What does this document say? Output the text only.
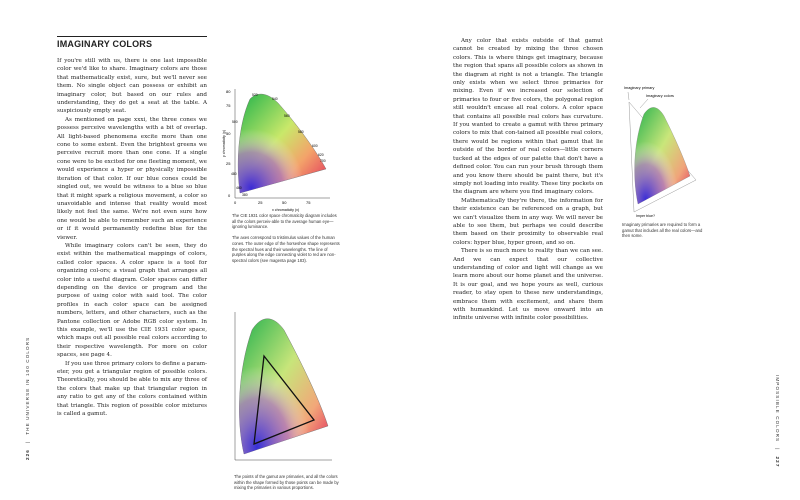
IMAGINARY COLORS

If you're still with us, there is one last impossible color we'd like to share. Imaginary colors are those that mathematically exist, sure, but we'll never see them. No single object can possess or exhibit an imaginary color, but based on our rules and understanding, they do get a seat at the table. A suspiciously empty seat.

As mentioned on page xxxi, the three cones we possess perceive wavelengths with a bit of overlap. All light-based phenomena excite more than one cone to some extent. Even the brightest greens we perceive recruit more than one cone. If a single cone were to be excited for one fleeting moment, we would experience a hyper or physically impossible iteration of that color. If our blue cones could be singled out, we would be witness to a blue so blue that it might spark a religious movement, a color so unavoidable and intense that reality would most likely not feel the same. We're not even sure how one would be able to remember such an experience or if it would permanently redefine blue for the viewer.

While imaginary colors can't be seen, they do exist within the mathematical mappings of colors, called color spaces. A color space is a tool for organizing col-ors; a visual graph that arranges all color into a useful diagram. Color spaces can differ depending on the device or program and the purpose of using color with said tool. The color profiles in each color space can be assigned numbers, letters, and other characters, such as the Pantone collection or Adobe RGB color system. In this example, we'll use the CIE 1931 color space, which maps out all possible real colors according to their respective wavelength. For more on color spaces, see page 4.

If you use three primary colors to define a param-eter, you get a triangular region of possible colors. Theoretically, you should be able to mix any three of the colors that make up that triangular region in any ratio to get any of the colors contained within that triangle. This region of possible color mixtures is called a gamut.

80
75
50
25
0
0	25	50	75
x chromaticity (x)
y chromaticity (y)
520
540
560
580
600
620
700
500
480
460
380

The CIE 1931 color space chromaticity diagram includes all the colors perceiv-able to the average human eye—ignoring luminance.

The axes correspond to tristimulus values of the human cones. The outer edge of the horseshoe shape represents the spectral hues and their wavelengths. The line of purples along the edge connecting violet to red are non-spectral colors (see magenta page 183).

The points of the gamut are primaries, and all the colors within the shape formed by those points can be made by mixing the primaries in various proportions.

Any color that exists outside of that gamut cannot be created by mixing the three chosen colors. This is where things get imaginary, because the region that spans all possible colors as shown in the diagram at right is not a triangle. The triangle only exists when we select three primaries for mixing. Even if we increased our selection of primaries to four or five colors, the polygonal region still wouldn't encase all real colors. A color space that contains all possible real colors has curvature. If you wanted to create a gamut with three primary colors to mix that con-tained all possible real colors, there would be regions within that gamut that lie outside of the border of real colors—little corners tucked at the edges of our palette that don't have a defined color. You can run your brush through them and you know there should be paint there, but it's simply not loading into reality. These tiny pockets on the diagram are where you find imaginary colors.

Mathematically they're there, the information for their existence can be referenced on a graph, but we can't visualize them in any way. We will never be able to see them, but perhaps we could describe them based on their proximity to observable real colors: hyper blue, hyper green, and so on.

There is so much more to reality than we can see. And we can expect that our collective understanding of color and light will change as we learn more about our home planet and the universe. It is our goal, and we hope yours as well, curious reader, to stay open to these new understandings, embrace them with excitement, and share them with humankind. Let us move onward into an infinite universe with infinite color possibilities.

Imaginary primary
Imaginary colors
Imper blue?

Imaginary primaries are required to form a gamut that includes all the real colors—and then some.

226|THE UNIVERSE IN 100 COLORS	IMPOSSIBLE COLORS|227
